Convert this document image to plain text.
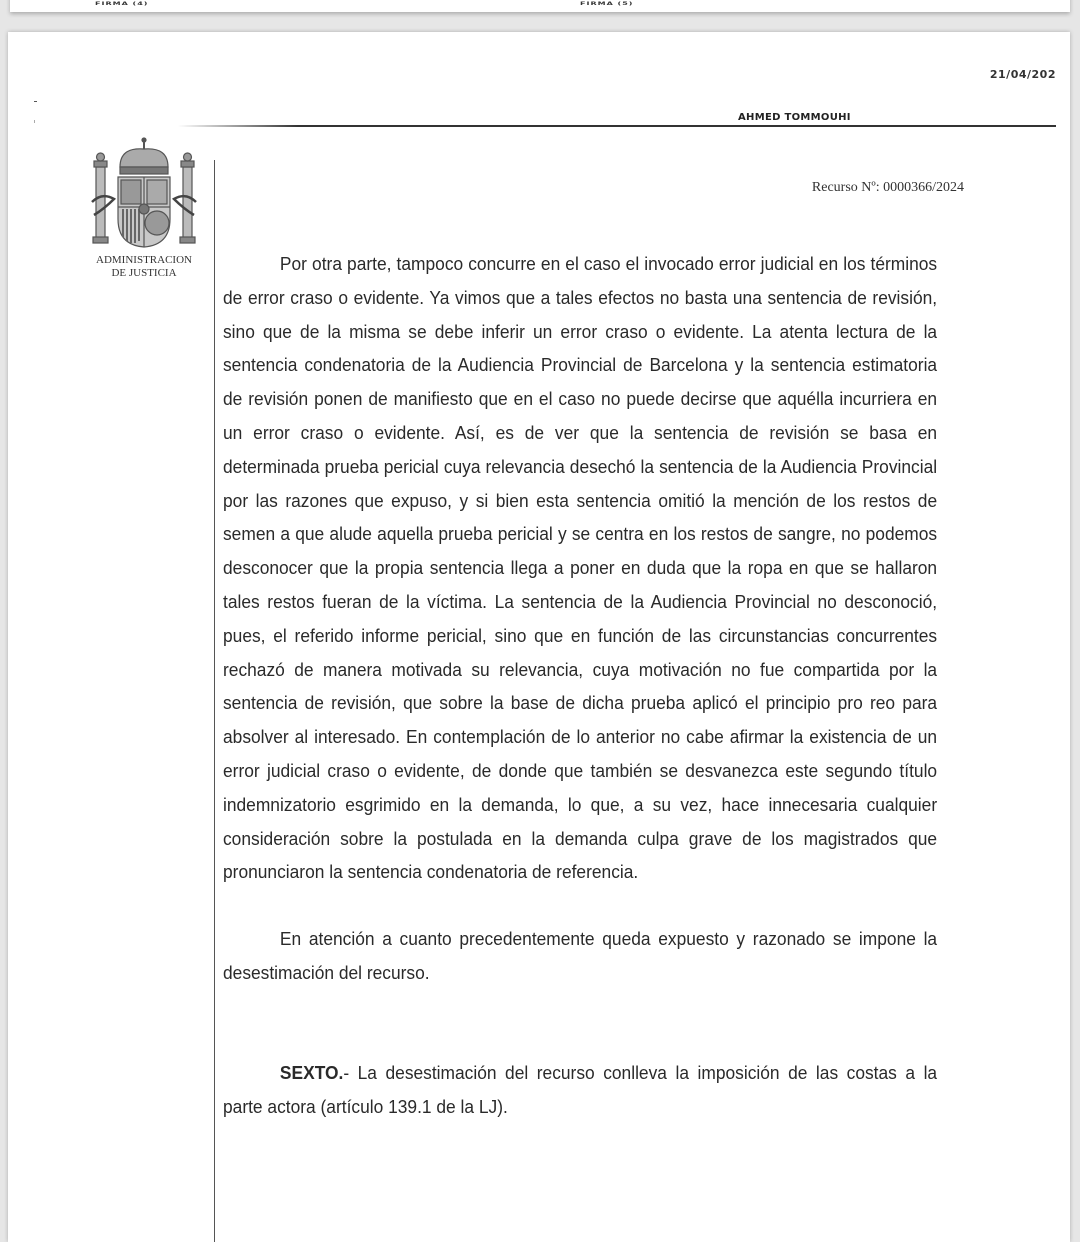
FIRMA (4)	FIRMA (5)
21/04/202
AHMED TOMMOUHI
ADMINISTRACION
DE JUSTICIA
Recurso Nº: 0000366/2024

Por otra parte, tampoco concurre en el caso el invocado error judicial en los términos de error craso o evidente. Ya vimos que a tales efectos no basta una sentencia de revisión, sino que de la misma se debe inferir un error craso o evidente. La atenta lectura de la sentencia condenatoria de la Audiencia Provincial de Barcelona y la sentencia estimatoria de revisión ponen de manifiesto que en el caso no puede decirse que aquélla incurriera en un error craso o evidente. Así, es de ver que la sentencia de revisión se basa en determinada prueba pericial cuya relevancia desechó la sentencia de la Audiencia Provincial por las razones que expuso, y si bien esta sentencia omitió la mención de los restos de semen a que alude aquella prueba pericial y se centra en los restos de sangre, no podemos desconocer que la propia sentencia llega a poner en duda que la ropa en que se hallaron tales restos fueran de la víctima. La sentencia de la Audiencia Provincial no desconoció, pues, el referido informe pericial, sino que en función de las circunstancias concurrentes rechazó de manera motivada su relevancia, cuya motivación no fue compartida por la sentencia de revisión, que sobre la base de dicha prueba aplicó el principio pro reo para absolver al interesado. En contemplación de lo anterior no cabe afirmar la existencia de un error judicial craso o evidente, de donde que también se desvanezca este segundo título indemnizatorio esgrimido en la demanda, lo que, a su vez, hace innecesaria cualquier consideración sobre la postulada en la demanda culpa grave de los magistrados que pronunciaron la sentencia condenatoria de referencia.

En atención a cuanto precedentemente queda expuesto y razonado se impone la desestimación del recurso.

SEXTO.- La desestimación del recurso conlleva la imposición de las costas a la parte actora (artículo 139.1 de la LJ).
